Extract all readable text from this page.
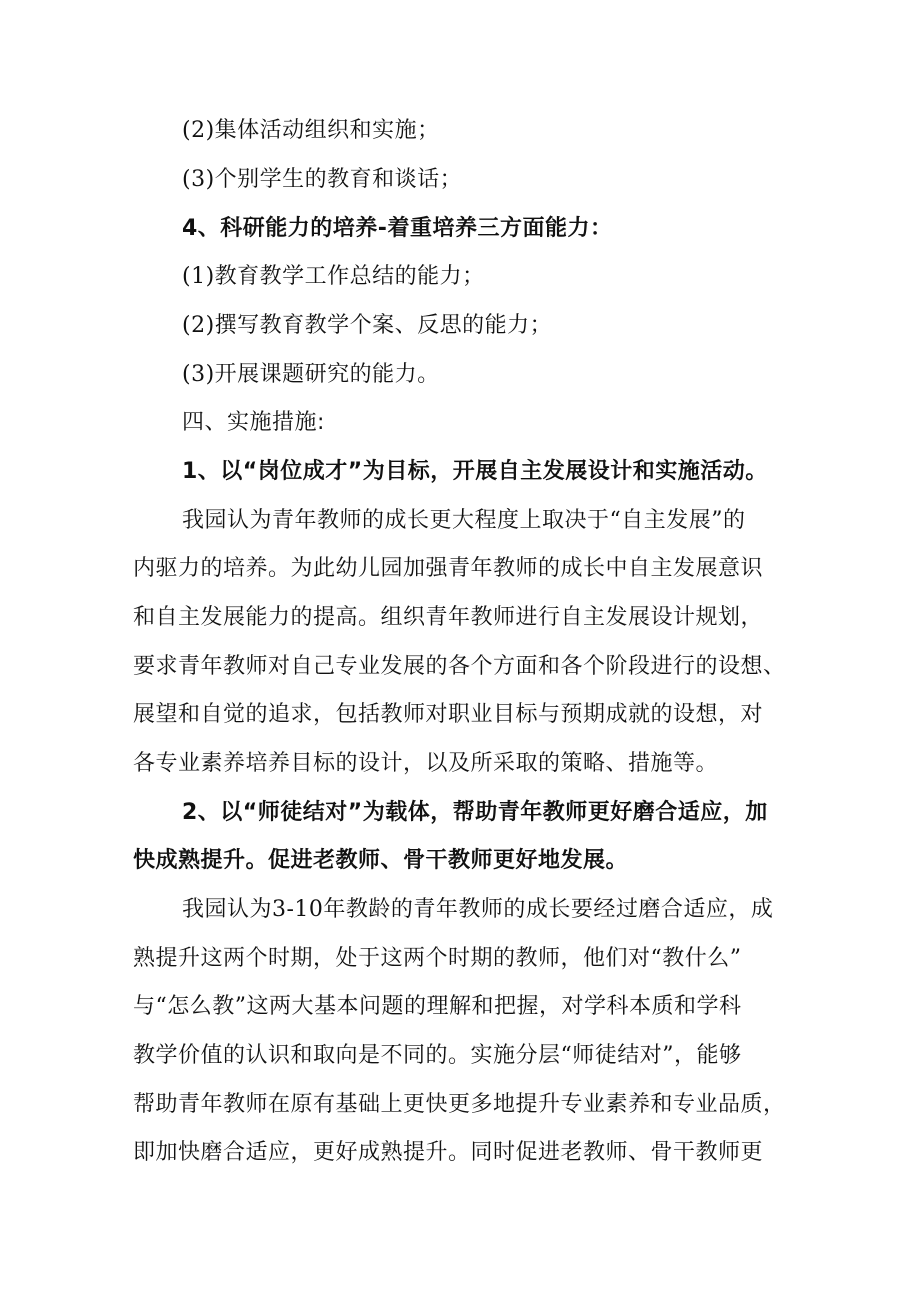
(2)集体活动组织和实施；
(3)个别学生的教育和谈话；
4、科研能力的培养-着重培养三方面能力：
(1)教育教学工作总结的能力；
(2)撰写教育教学个案、反思的能力；
(3)开展课题研究的能力。
四、实施措施:
1、以“岗位成才”为目标，开展自主发展设计和实施活动。
我园认为青年教师的成长更大程度上取决于“自主发展”的
内驱力的培养。为此幼儿园加强青年教师的成长中自主发展意识
和自主发展能力的提高。组织青年教师进行自主发展设计规划，
要求青年教师对自己专业发展的各个方面和各个阶段进行的设想、
展望和自觉的追求，包括教师对职业目标与预期成就的设想，对
各专业素养培养目标的设计，以及所采取的策略、措施等。
2、以“师徒结对”为载体，帮助青年教师更好磨合适应，加
快成熟提升。促进老教师、骨干教师更好地发展。
我园认为3-10年教龄的青年教师的成长要经过磨合适应，成
熟提升这两个时期，处于这两个时期的教师，他们对“教什么”
与“怎么教”这两大基本问题的理解和把握，对学科本质和学科
教学价值的认识和取向是不同的。实施分层“师徒结对”，能够
帮助青年教师在原有基础上更快更多地提升专业素养和专业品质，
即加快磨合适应，更好成熟提升。同时促进老教师、骨干教师更
